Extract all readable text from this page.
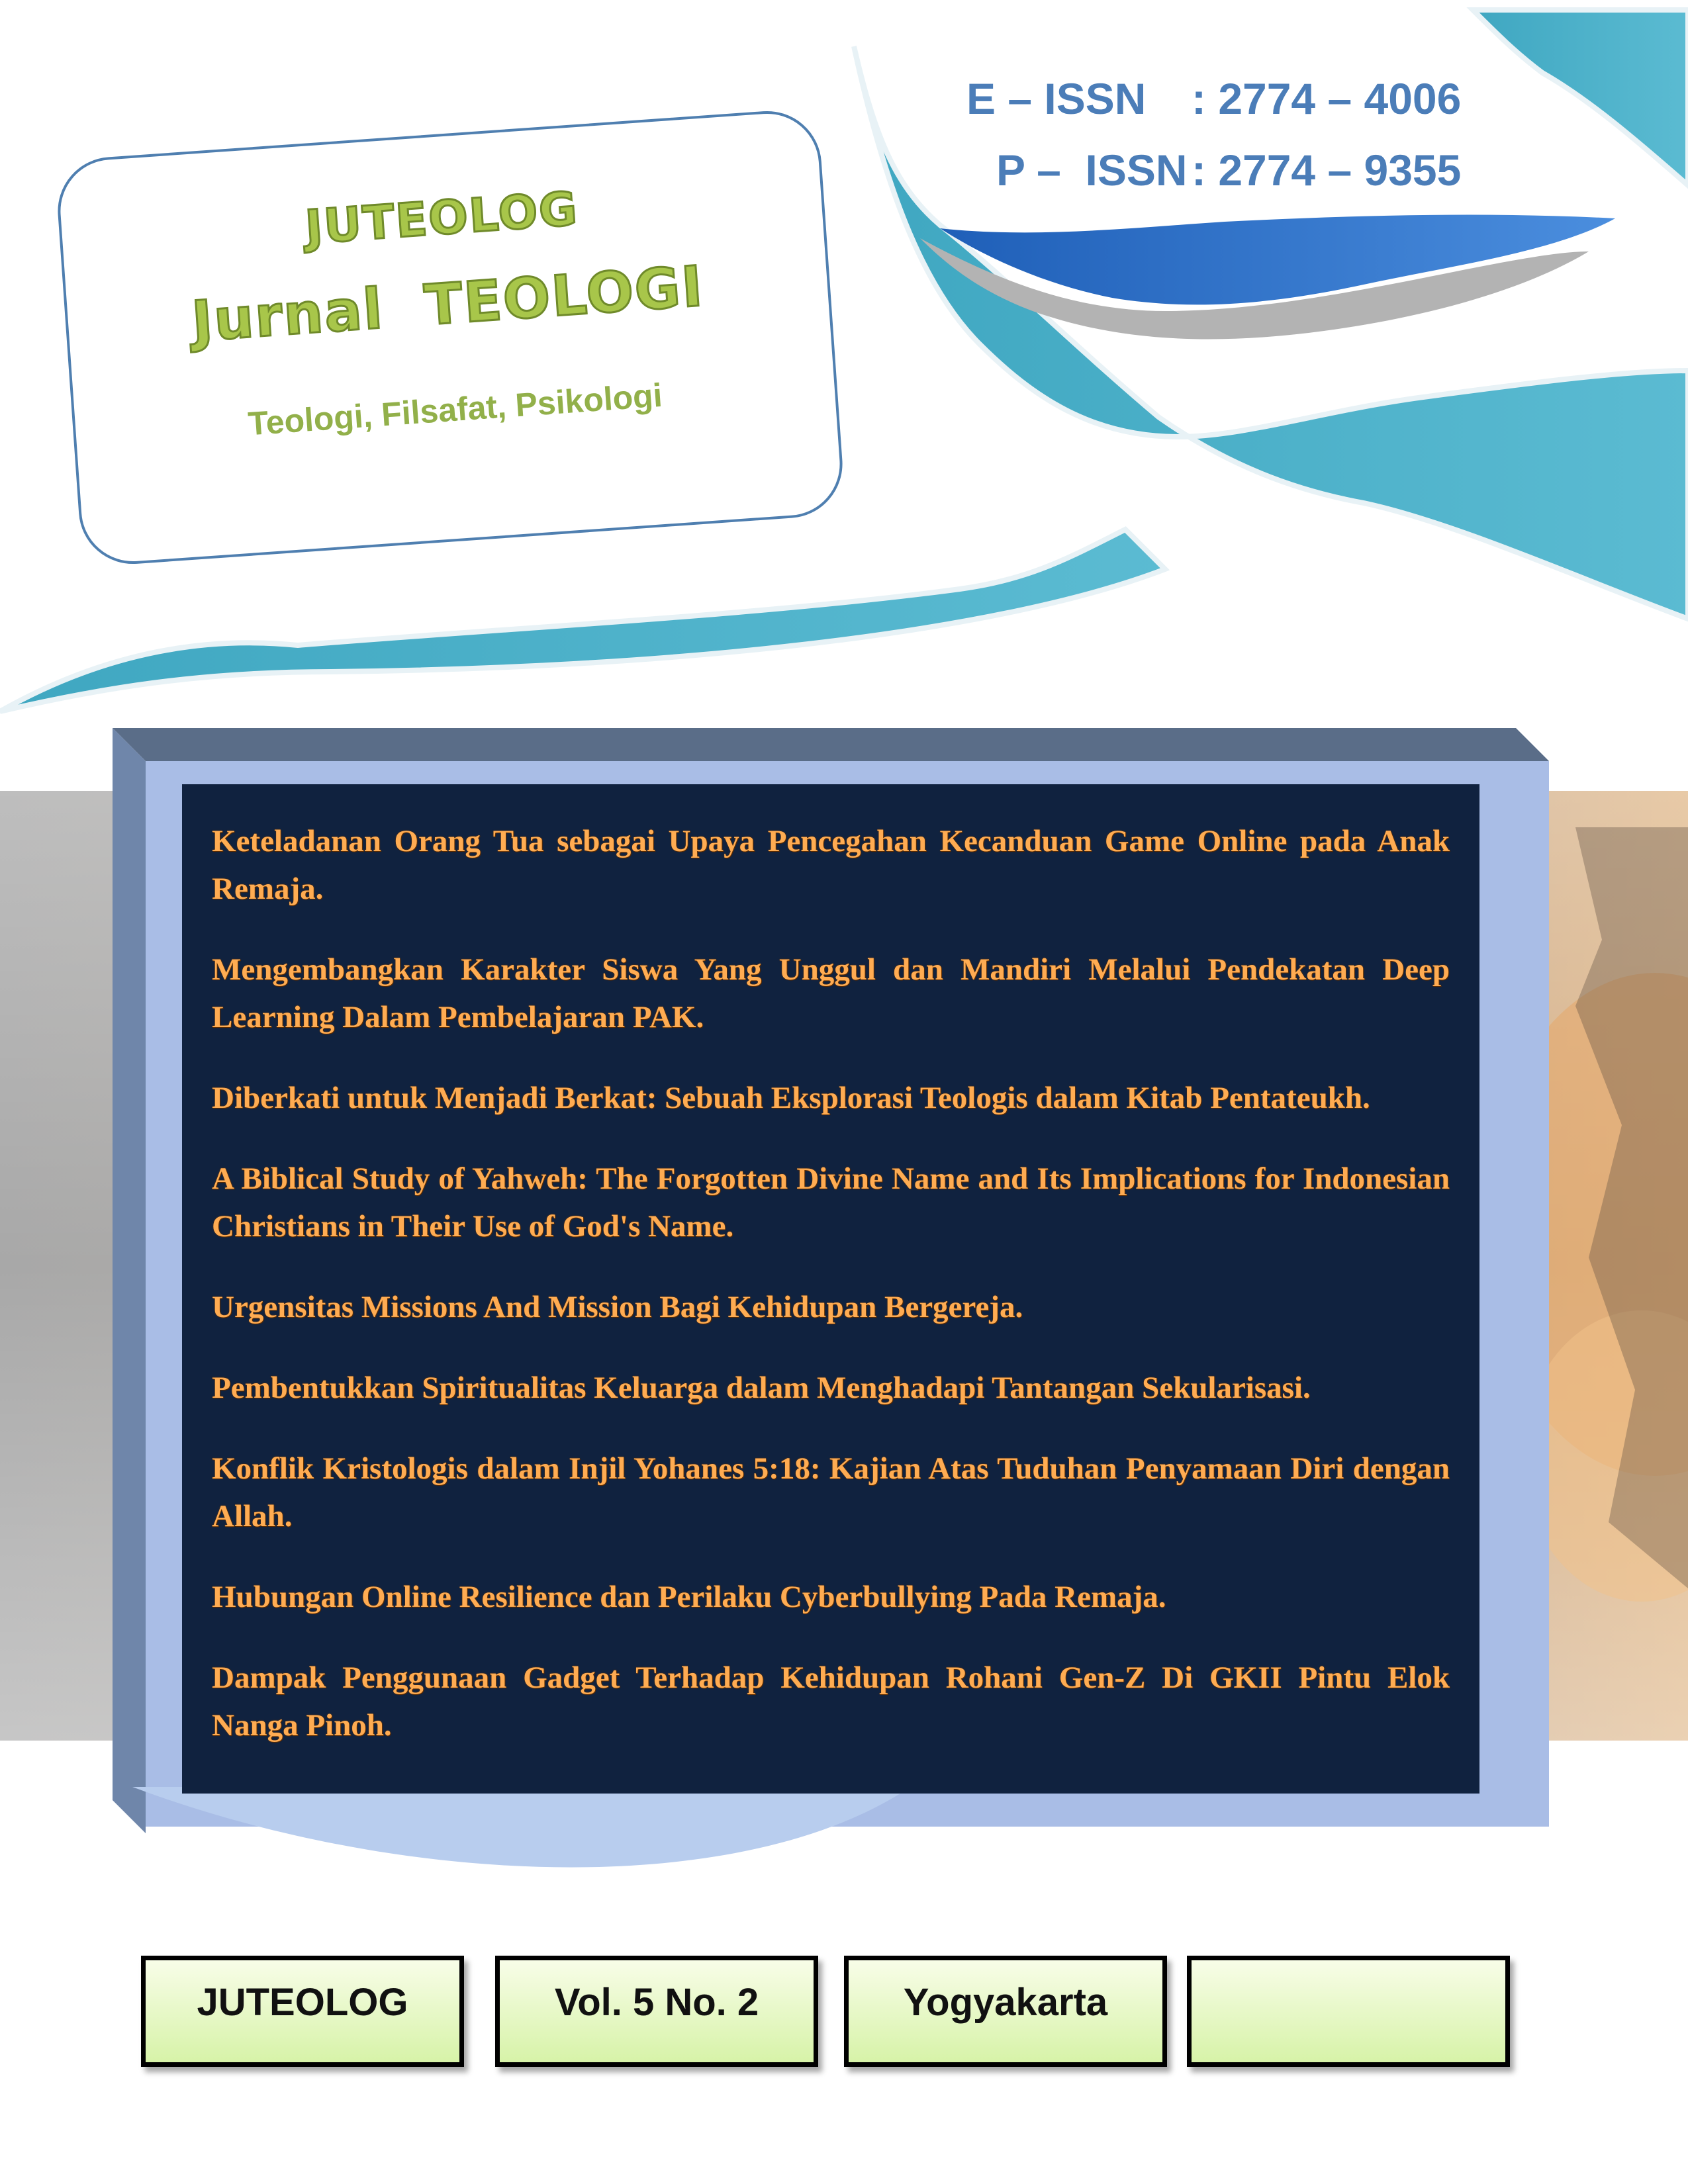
JUTEOLOG
Jurnal  TEOLOGI
Teologi, Filsafat, Psikologi
E – ISSN	: 2774 – 4006
P –  ISSN : 2774 – 9355

Keteladanan Orang Tua sebagai Upaya Pencegahan Kecanduan Game Online pada Anak Remaja.

Mengembangkan Karakter Siswa Yang Unggul dan Mandiri Melalui Pendekatan Deep Learning Dalam Pembelajaran PAK.

Diberkati untuk Menjadi Berkat: Sebuah Eksplorasi Teologis dalam Kitab Pentateukh.

A Biblical Study of Yahweh: The Forgotten Divine Name and Its Implications for Indonesian Christians in Their Use of God's Name.

Urgensitas Missions And Mission Bagi Kehidupan Bergereja.

Pembentukkan Spiritualitas Keluarga dalam Menghadapi Tantangan Sekularisasi.

Konflik Kristologis dalam Injil Yohanes 5:18: Kajian Atas Tuduhan Penyamaan Diri dengan Allah.

Hubungan Online Resilience dan Perilaku Cyberbullying Pada Remaja.

Dampak Penggunaan Gadget Terhadap Kehidupan Rohani Gen-Z Di GKII Pintu Elok Nanga Pinoh.

JUTEOLOG	Vol. 5 No. 2	Yogyakarta
